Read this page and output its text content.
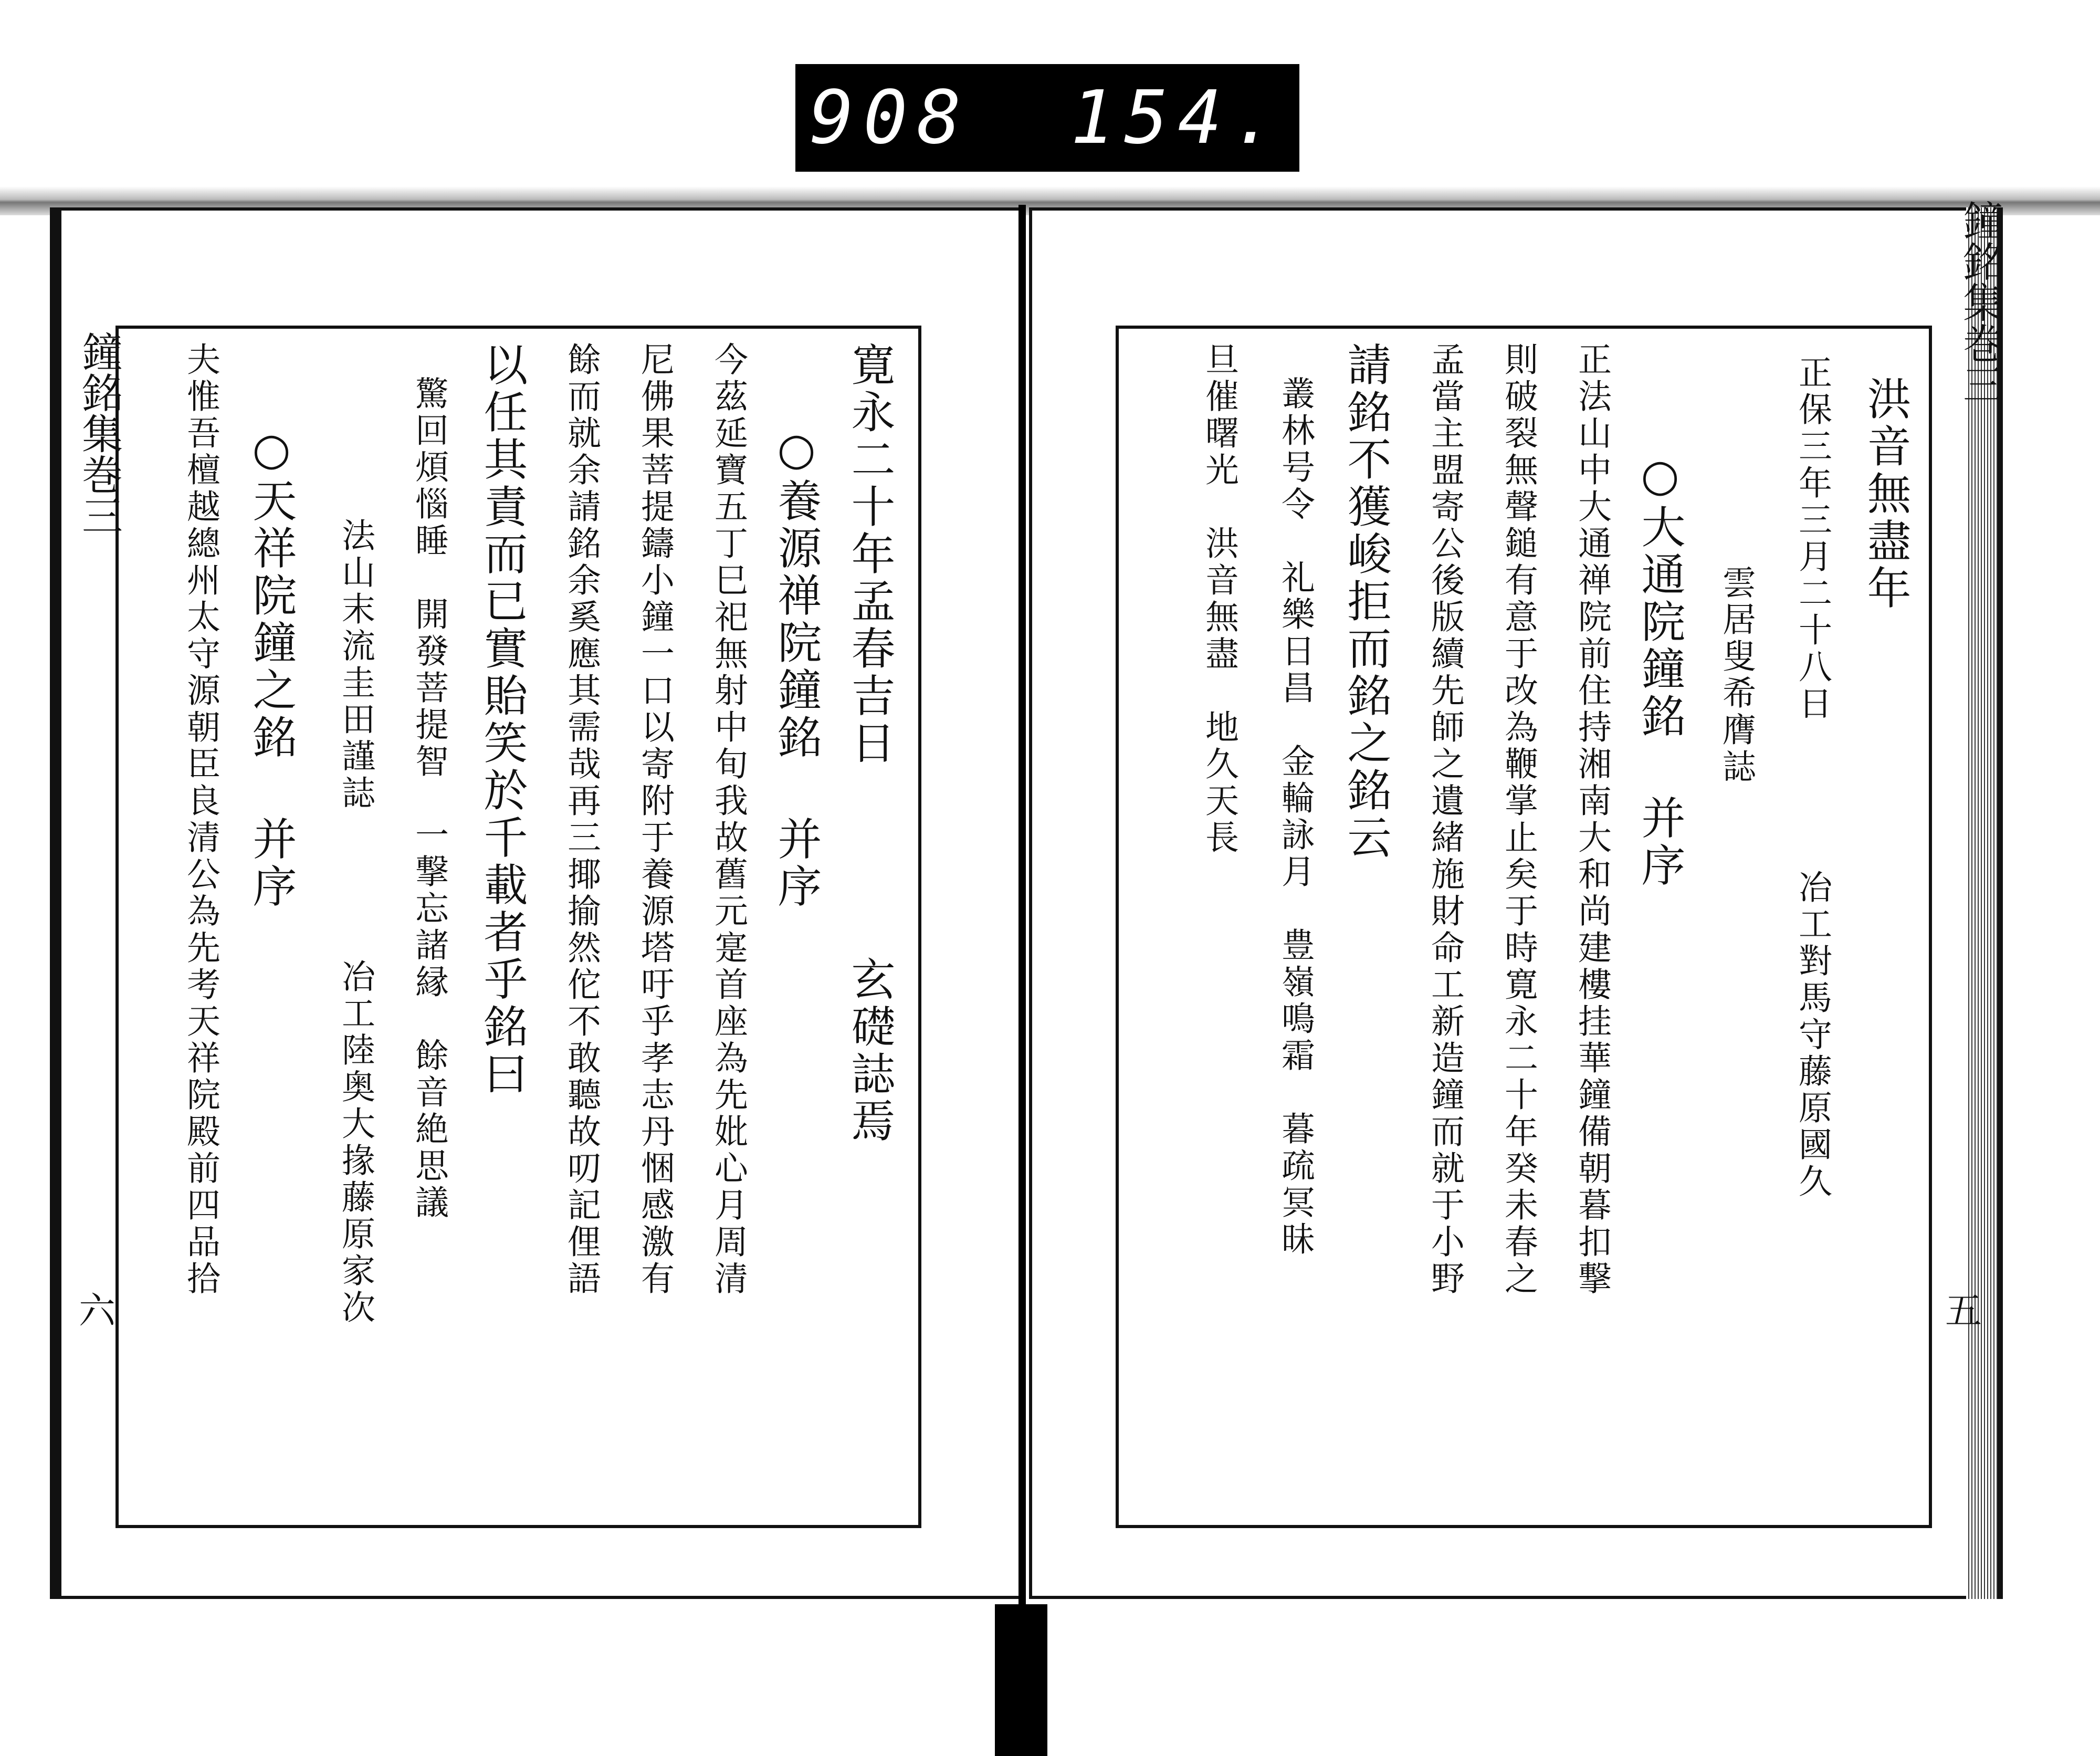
908 154.
鐘銘集巻三
六
寛永二十年孟春吉日　　　　玄礎誌焉
○養源禅院鐘銘 并序
今茲延寶五丁巳祀無射中旬我故舊元寔首座為先妣心月周清
尼佛果菩提鑄小鐘一口以寄附于養源塔吁乎孝志丹悃感激有
餘而就余請銘余奚應其需哉再三揶揄然佗不敢聽故叨記俚語
以任其責而已實貽笑於千載者乎銘曰
驚回煩惱睡　開發菩提智　一撃忘諸縁　餘音絶思議
法山末流圭田謹誌　　　　冶工陸奥大掾藤原家次
○天祥院鐘之銘 并序
夫惟吾檀越總州太守源朝臣良清公為先考天祥院殿前四品拾
鐘銘集巻三
五
洪音無盡年
正保三年三月二十八日　　　　冶工對馬守藤原國久
雲居叟希膺誌
○大通院鐘銘 并序
正法山中大通禅院前住持湘南大和尚建樓挂華鐘備朝暮扣撃
則破裂無聲鎚有意于改為鞭掌止矣于時寛永二十年癸未春之
孟當主盟寄公後版續先師之遺緒施財命工新造鐘而就于小野
請銘不獲峻拒而銘之銘云
叢林号令　礼樂日昌　金輪詠月　豊嶺鳴霜　暮疏冥昧
旦催曙光　洪音無盡　地久天長
